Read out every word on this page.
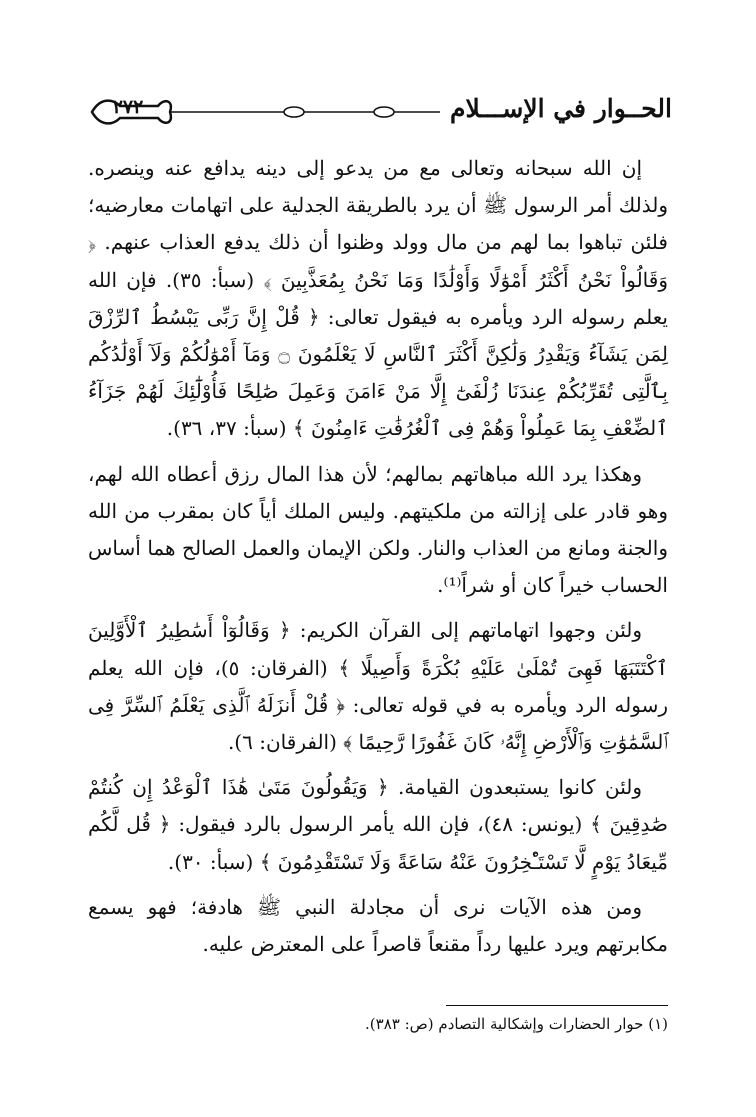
٢٧٢	الحــوار في الإســـلام

إن الله سبحانه وتعالى مع من يدعو إلى دينه يدافع عنه وينصره. ولذلك أمر الرسول ﷺ أن يرد بالطريقة الجدلية على اتهامات معارضيه؛ فلئن تباهوا بما لهم من مال وولد وظنوا أن ذلك يدفع العذاب عنهم. ﴿ وَقَالُواْ نَحْنُ أَكْثَرُ أَمْوَٰلًا وَأَوْلَٰدًا وَمَا نَحْنُ بِمُعَذَّبِينَ ﴾ (سبأ: ٣٥). فإن الله يعلم رسوله الرد ويأمره به فيقول تعالى: ﴿ قُلْ إِنَّ رَبِّى يَبْسُطُ ٱلرِّزْقَ لِمَن يَشَآءُ وَيَقْدِرُ وَلَٰكِنَّ أَكْثَرَ ٱلنَّاسِ لَا يَعْلَمُونَ ۝ وَمَآ أَمْوَٰلُكُمْ وَلَآ أَوْلَٰدُكُم بِٱلَّتِى تُقَرِّبُكُمْ عِندَنَا زُلْفَىٰٓ إِلَّا مَنْ ءَامَنَ وَعَمِلَ صَٰلِحًا فَأُوْلَٰٓئِكَ لَهُمْ جَزَآءُ ٱلضِّعْفِ بِمَا عَمِلُواْ وَهُمْ فِى ٱلْغُرُفَٰتِ ءَامِنُونَ ﴾ (سبأ: ٣٧، ٣٦).

وهكذا يرد الله مباهاتهم بمالهم؛ لأن هذا المال رزق أعطاه الله لهم، وهو قادر على إزالته من ملكيتهم. وليس الملك أياً كان بمقرب من الله والجنة ومانع من العذاب والنار. ولكن الإيمان والعمل الصالح هما أساس الحساب خيراً كان أو شراً⁽¹⁾.

ولئن وجهوا اتهاماتهم إلى القرآن الكريم: ﴿ وَقَالُوٓاْ أَسَٰطِيرُ ٱلْأَوَّلِينَ ٱكْتَتَبَهَا فَهِىَ تُمْلَىٰ عَلَيْهِ بُكْرَةً وَأَصِيلًا ﴾ (الفرقان: ٥)، فإن الله يعلم رسوله الرد ويأمره به في قوله تعالى: ﴿ قُلْ أَنزَلَهُ ٱلَّذِى يَعْلَمُ ٱلسِّرَّ فِى ٱلسَّمَٰوَٰتِ وَٱلْأَرْضِ إِنَّهُۥ كَانَ غَفُورًا رَّحِيمًا ﴾ (الفرقان: ٦).

ولئن كانوا يستبعدون القيامة. ﴿ وَيَقُولُونَ مَتَىٰ هَٰذَا ٱلْوَعْدُ إِن كُنتُمْ صَٰدِقِينَ ﴾ (يونس: ٤٨)، فإن الله يأمر الرسول بالرد فيقول: ﴿ قُل لَّكُم مِّيعَادُ يَوْمٍ لَّا تَسْتَـْٔخِرُونَ عَنْهُ سَاعَةً وَلَا تَسْتَقْدِمُونَ ﴾ (سبأ: ٣٠).

ومن هذه الآيات نرى أن مجادلة النبي ﷺ هادفة؛ فهو يسمع مكابرتهم ويرد عليها رداً مقنعاً قاصراً على المعترض عليه.

(١) حوار الحضارات وإشكالية التصادم (ص: ٣٨٣).
